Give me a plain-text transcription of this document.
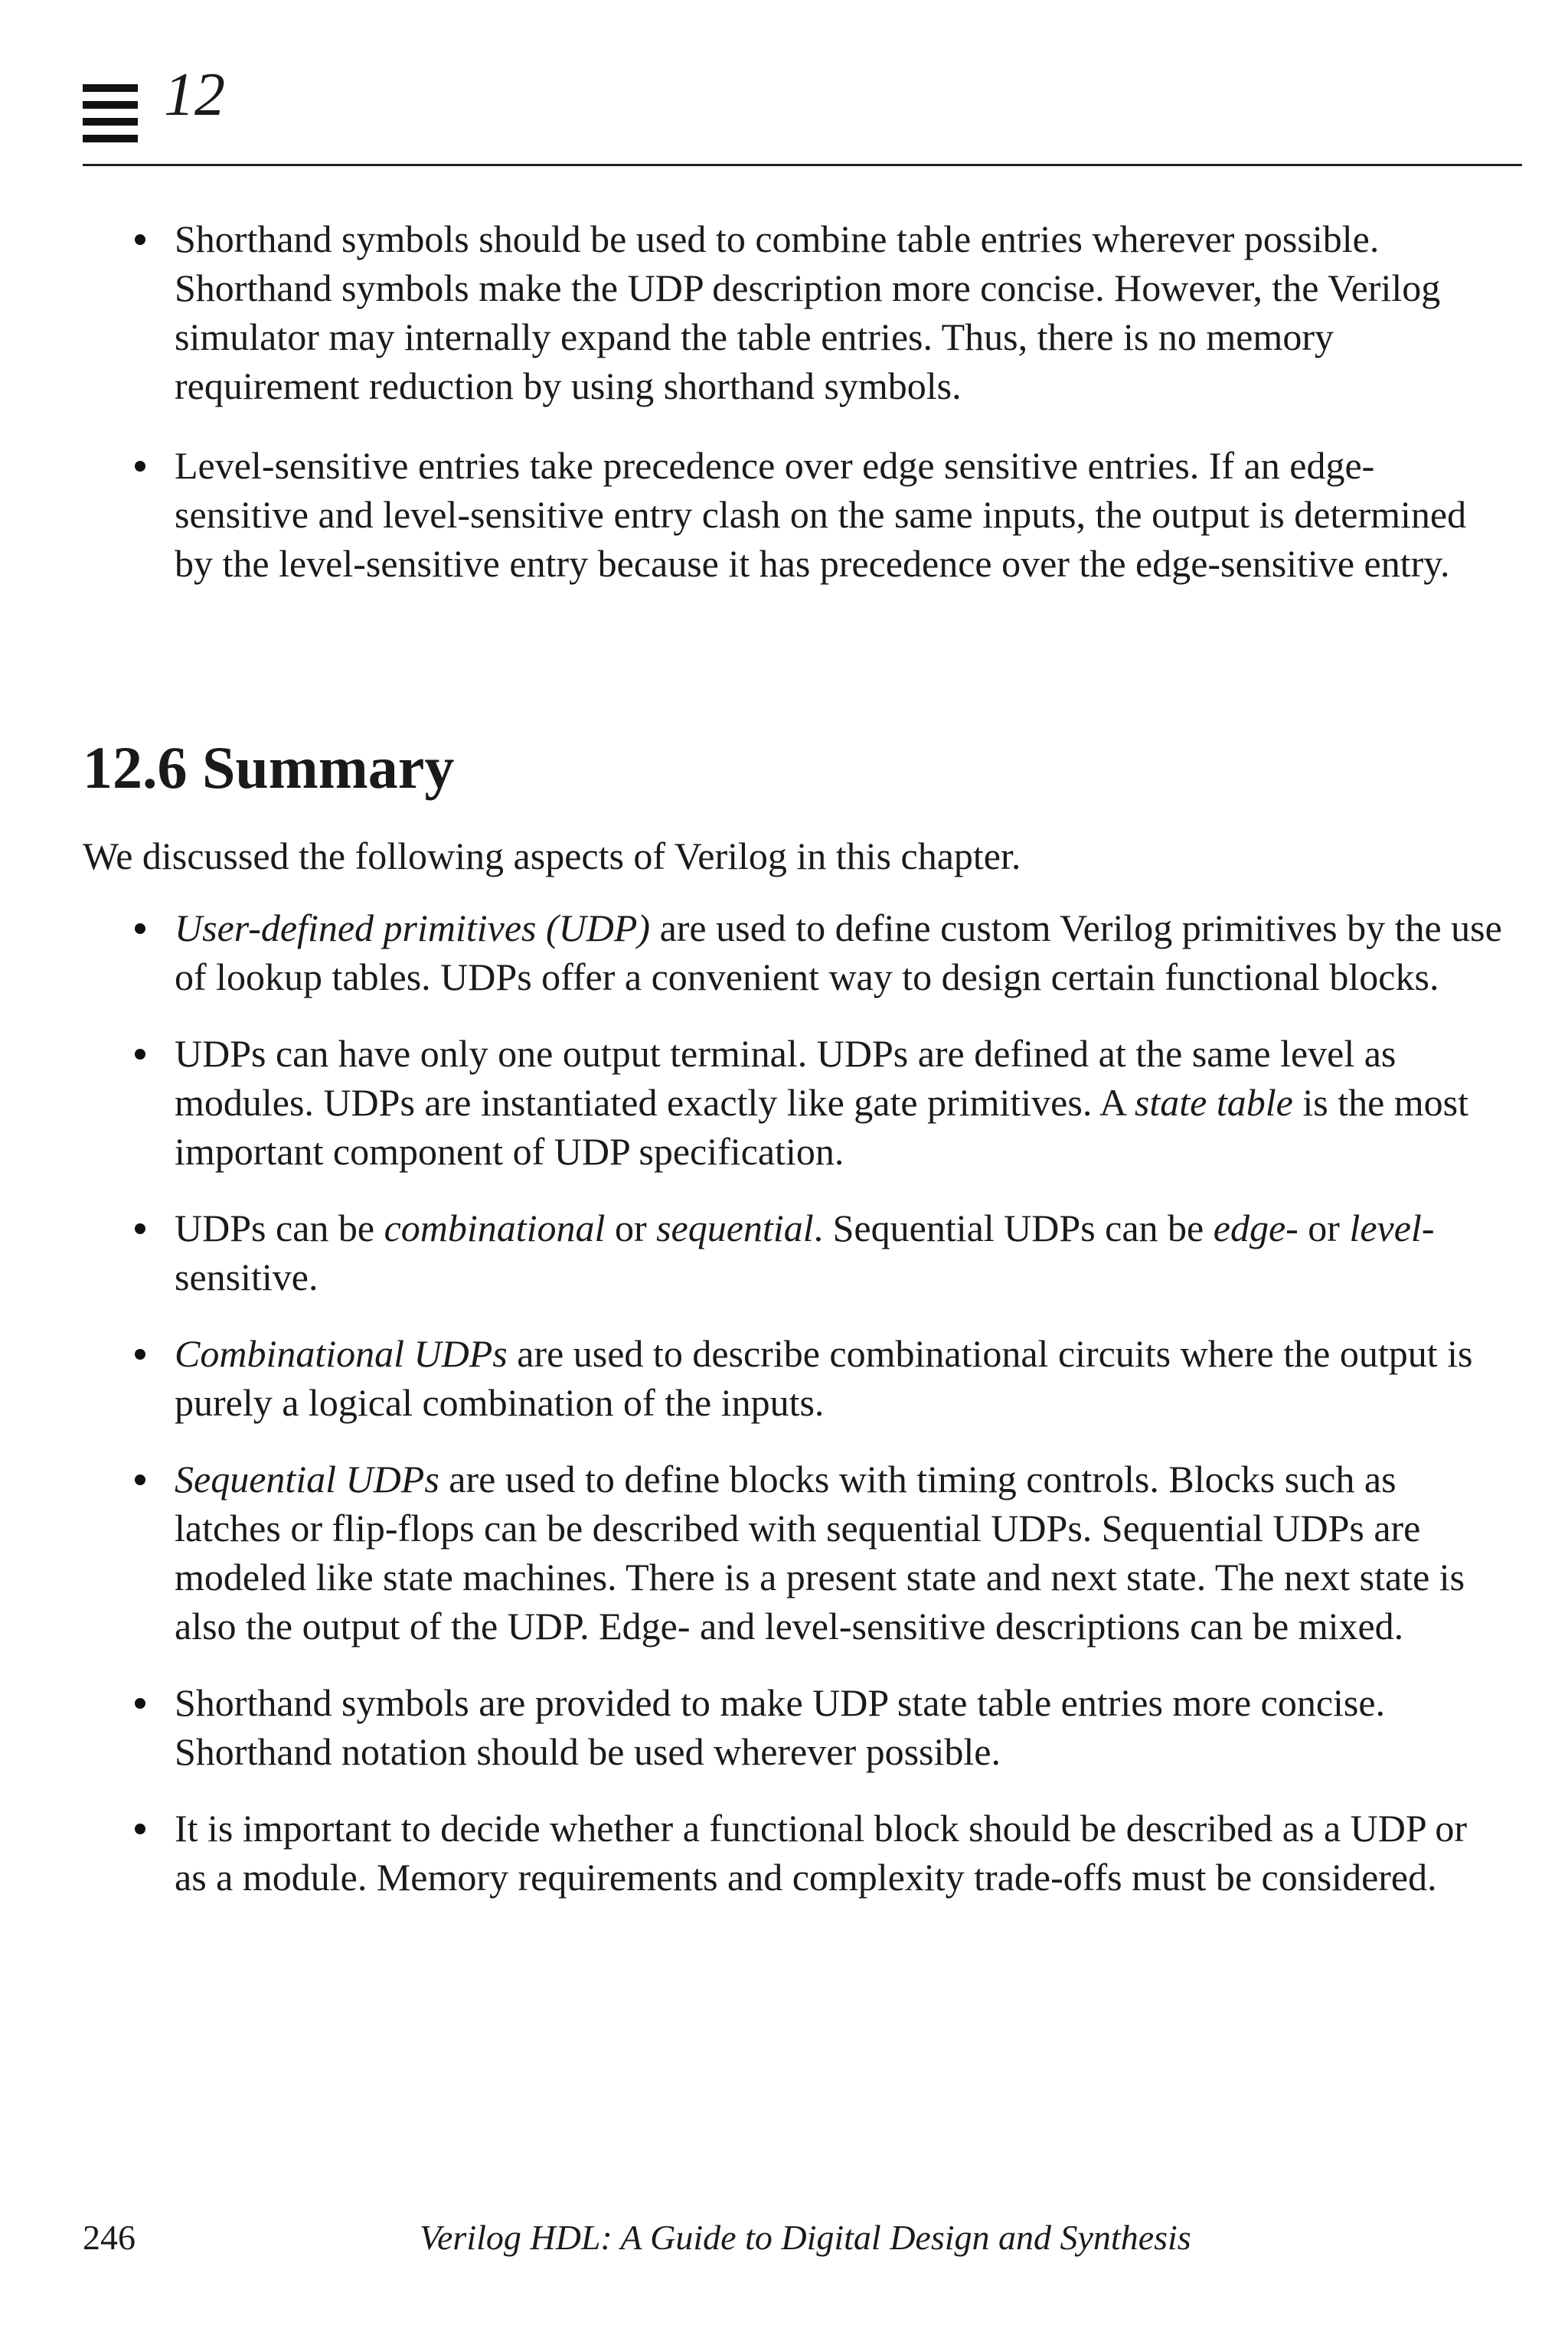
12
Shorthand symbols should be used to combine table entries wherever possible. Shorthand symbols make the UDP description more concise. However, the Verilog simulator may internally expand the table entries. Thus, there is no memory requirement reduction by using shorthand symbols.
Level-sensitive entries take precedence over edge sensitive entries. If an edge-sensitive and level-sensitive entry clash on the same inputs, the output is determined by the level-sensitive entry because it has precedence over the edge-sensitive entry.
12.6 Summary

We discussed the following aspects of Verilog in this chapter.

User-defined primitives (UDP) are used to define custom Verilog primitives by the use of lookup tables. UDPs offer a convenient way to design certain functional blocks.
UDPs can have only one output terminal. UDPs are defined at the same level as modules. UDPs are instantiated exactly like gate primitives. A state table is the most important component of UDP specification.
UDPs can be combinational or sequential. Sequential UDPs can be edge- or level-sensitive.
Combinational UDPs are used to describe combinational circuits where the output is purely a logical combination of the inputs.
Sequential UDPs are used to define blocks with timing controls. Blocks such as latches or flip-flops can be described with sequential UDPs. Sequential UDPs are modeled like state machines. There is a present state and next state. The next state is also the output of the UDP. Edge- and level-sensitive descriptions can be mixed.
Shorthand symbols are provided to make UDP state table entries more concise. Shorthand notation should be used wherever possible.
It is important to decide whether a functional block should be described as a UDP or as a module. Memory requirements and complexity trade-offs must be considered.
246	Verilog HDL: A Guide to Digital Design and Synthesis
